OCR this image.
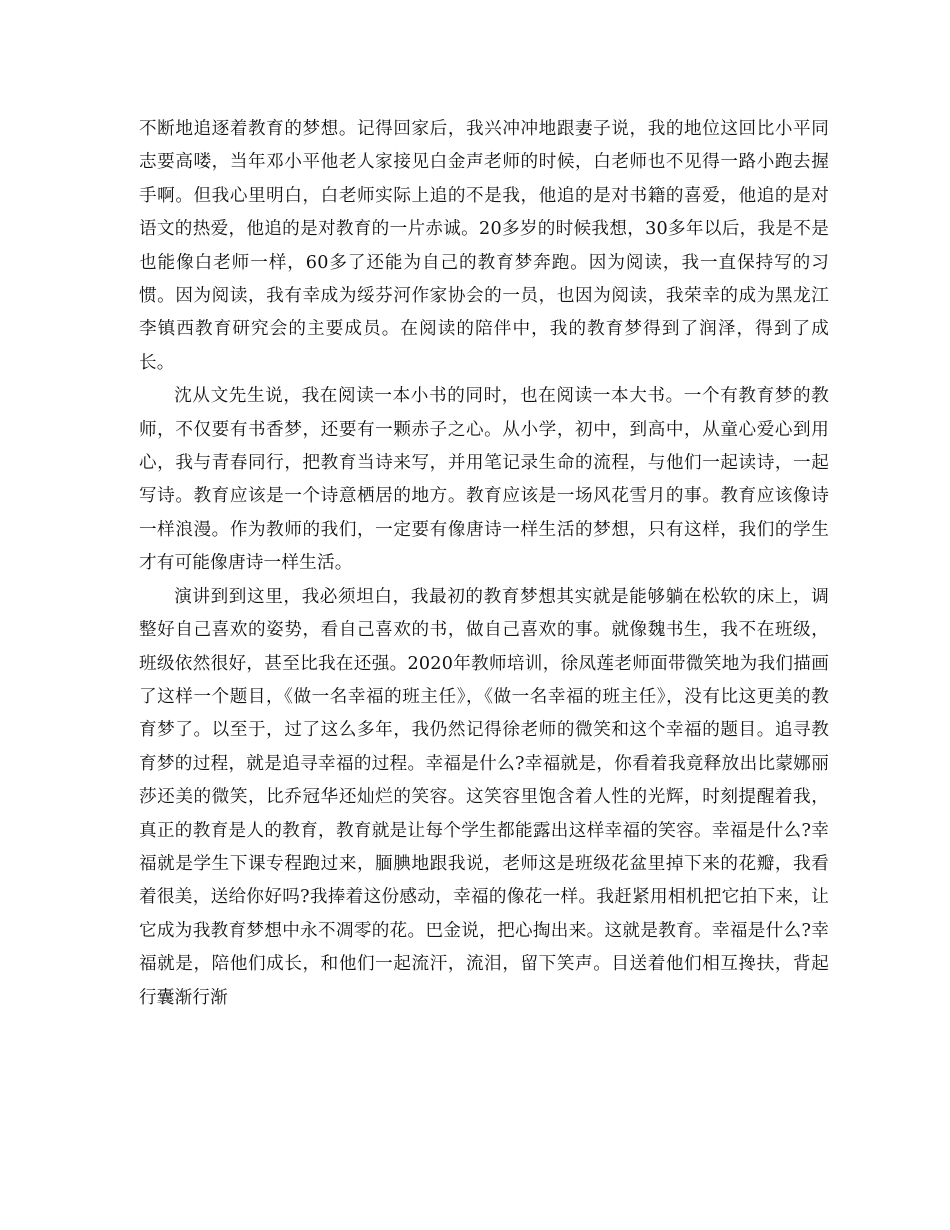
不断地追逐着教育的梦想。记得回家后，我兴冲冲地跟妻子说，我的地位这回比小平同志要高喽，当年邓小平他老人家接见白金声老师的时候，白老师也不见得一路小跑去握手啊。但我心里明白，白老师实际上追的不是我，他追的是对书籍的喜爱，他追的是对语文的热爱，他追的是对教育的一片赤诚。20多岁的时候我想，30多年以后，我是不是也能像白老师一样，60多了还能为自己的教育梦奔跑。因为阅读，我一直保持写的习惯。因为阅读，我有幸成为绥芬河作家协会的一员，也因为阅读，我荣幸的成为黑龙江李镇西教育研究会的主要成员。在阅读的陪伴中，我的教育梦得到了润泽，得到了成长。

沈从文先生说，我在阅读一本小书的同时，也在阅读一本大书。一个有教育梦的教师，不仅要有书香梦，还要有一颗赤子之心。从小学，初中，到高中，从童心爱心到用心，我与青春同行，把教育当诗来写，并用笔记录生命的流程，与他们一起读诗，一起写诗。教育应该是一个诗意栖居的地方。教育应该是一场风花雪月的事。教育应该像诗一样浪漫。作为教师的我们，一定要有像唐诗一样生活的梦想，只有这样，我们的学生才有可能像唐诗一样生活。

演讲到到这里，我必须坦白，我最初的教育梦想其实就是能够躺在松软的床上，调整好自己喜欢的姿势，看自己喜欢的书，做自己喜欢的事。就像魏书生，我不在班级，班级依然很好，甚至比我在还强。2020年教师培训，徐凤莲老师面带微笑地为我们描画了这样一个题目，《做一名幸福的班主任》，《做一名幸福的班主任》，没有比这更美的教育梦了。以至于，过了这么多年，我仍然记得徐老师的微笑和这个幸福的题目。追寻教育梦的过程，就是追寻幸福的过程。幸福是什么?幸福就是，你看着我竟释放出比蒙娜丽莎还美的微笑，比乔冠华还灿烂的笑容。这笑容里饱含着人性的光辉，时刻提醒着我，真正的教育是人的教育，教育就是让每个学生都能露出这样幸福的笑容。幸福是什么?幸福就是学生下课专程跑过来，腼腆地跟我说，老师这是班级花盆里掉下来的花瓣，我看着很美，送给你好吗?我捧着这份感动，幸福的像花一样。我赶紧用相机把它拍下来，让它成为我教育梦想中永不凋零的花。巴金说，把心掏出来。这就是教育。幸福是什么?幸福就是，陪他们成长，和他们一起流汗，流泪，留下笑声。目送着他们相互搀扶，背起行囊渐行渐
